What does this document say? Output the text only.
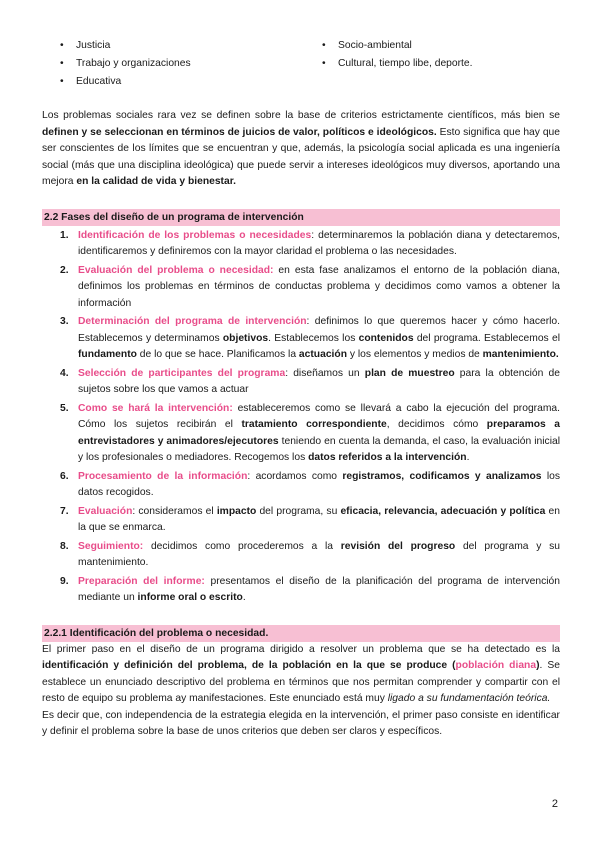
• Justicia
• Trabajo y organizaciones
• Educativa
• Socio-ambiental
• Cultural, tiempo libe, deporte.

Los problemas sociales rara vez se definen sobre la base de criterios estrictamente científicos, más bien se definen y se seleccionan en términos de juicios de valor, políticos e ideológicos. Esto significa que hay que ser conscientes de los límites que se encuentran y que, además, la psicología social aplicada es una ingeniería social (más que una disciplina ideológica) que puede servir a intereses ideológicos muy diversos, aportando una mejora en la calidad de vida y bienestar.

2.2 Fases del diseño de un programa de intervención
1. Identificación de los problemas o necesidades: determinaremos la población diana y detectaremos, identificaremos y definiremos con la mayor claridad el problema o las necesidades.
2. Evaluación del problema o necesidad: en esta fase analizamos el entorno de la población diana, definimos los problemas en términos de conductas problema y decidimos como vamos a obtener la información
3. Determinación del programa de intervención: definimos lo que queremos hacer y cómo hacerlo. Establecemos y determinamos objetivos. Establecemos los contenidos del programa. Establecemos el fundamento de lo que se hace. Planificamos la actuación y los elementos y medios de mantenimiento.
4. Selección de participantes del programa: diseñamos un plan de muestreo para la obtención de sujetos sobre los que vamos a actuar
5. Como se hará la intervención: estableceremos como se llevará a cabo la ejecución del programa. Cómo los sujetos recibirán el tratamiento correspondiente, decidimos cómo preparamos a entrevistadores y animadores/ejecutores teniendo en cuenta la demanda, el caso, la evaluación inicial y los profesionales o mediadores. Recogemos los datos referidos a la intervención.
6. Procesamiento de la información: acordamos como registramos, codificamos y analizamos los datos recogidos.
7. Evaluación: consideramos el impacto del programa, su eficacia, relevancia, adecuación y política en la que se enmarca.
8. Seguimiento: decidimos como procederemos a la revisión del progreso del programa y su mantenimiento.
9. Preparación del informe: presentamos el diseño de la planificación del programa de intervención mediante un informe oral o escrito.
2.2.1 Identificación del problema o necesidad.

El primer paso en el diseño de un programa dirigido a resolver un problema que se ha detectado es la identificación y definición del problema, de la población en la que se produce (población diana). Se establece un enunciado descriptivo del problema en términos que nos permitan comprender y compartir con el resto de equipo su problema ay manifestaciones. Este enunciado está muy ligado a su fundamentación teórica.

Es decir que, con independencia de la estrategia elegida en la intervención, el primer paso consiste en identificar y definir el problema sobre la base de unos criterios que deben ser claros y específicos.

2
